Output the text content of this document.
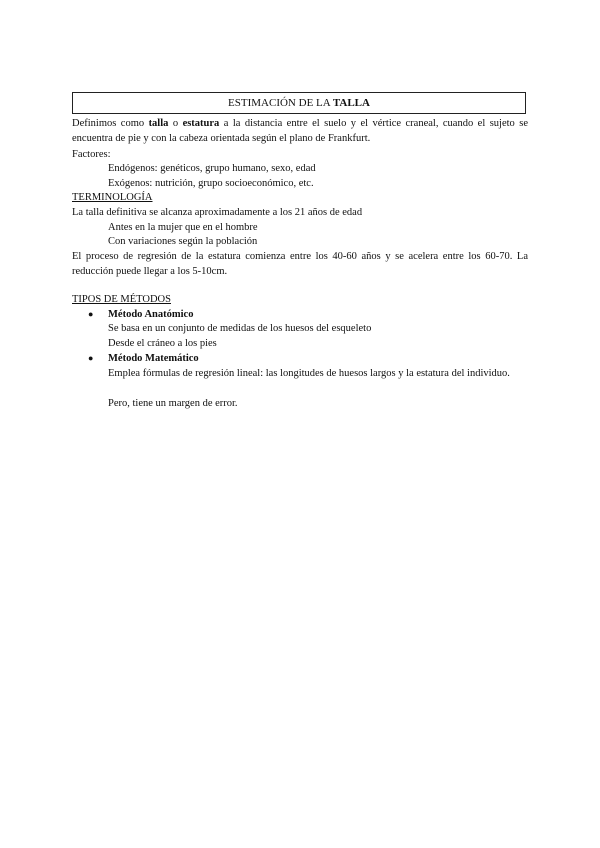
ESTIMACIÓN DE LA TALLA
Definimos como talla o estatura a la distancia entre el suelo y el vértice craneal, cuando el sujeto se encuentra de pie y con la cabeza orientada según el plano de Frankfurt.
Factores:
Endógenos: genéticos, grupo humano, sexo, edad
Exógenos: nutrición, grupo socioeconómico, etc.
TERMINOLOGÍA
La talla definitiva se alcanza aproximadamente a los 21 años de edad
Antes en la mujer que en el hombre
Con variaciones según la población
El proceso de regresión de la estatura comienza entre los 40-60 años y se acelera entre los 60-70. La reducción puede llegar a los 5-10cm.
TIPOS DE MÉTODOS
● Método Anatómico
Se basa en un conjunto de medidas de los huesos del esqueleto
Desde el cráneo a los pies
● Método Matemático
Emplea fórmulas de regresión lineal: las longitudes de huesos largos y la estatura del individuo.
Pero, tiene un margen de error.
